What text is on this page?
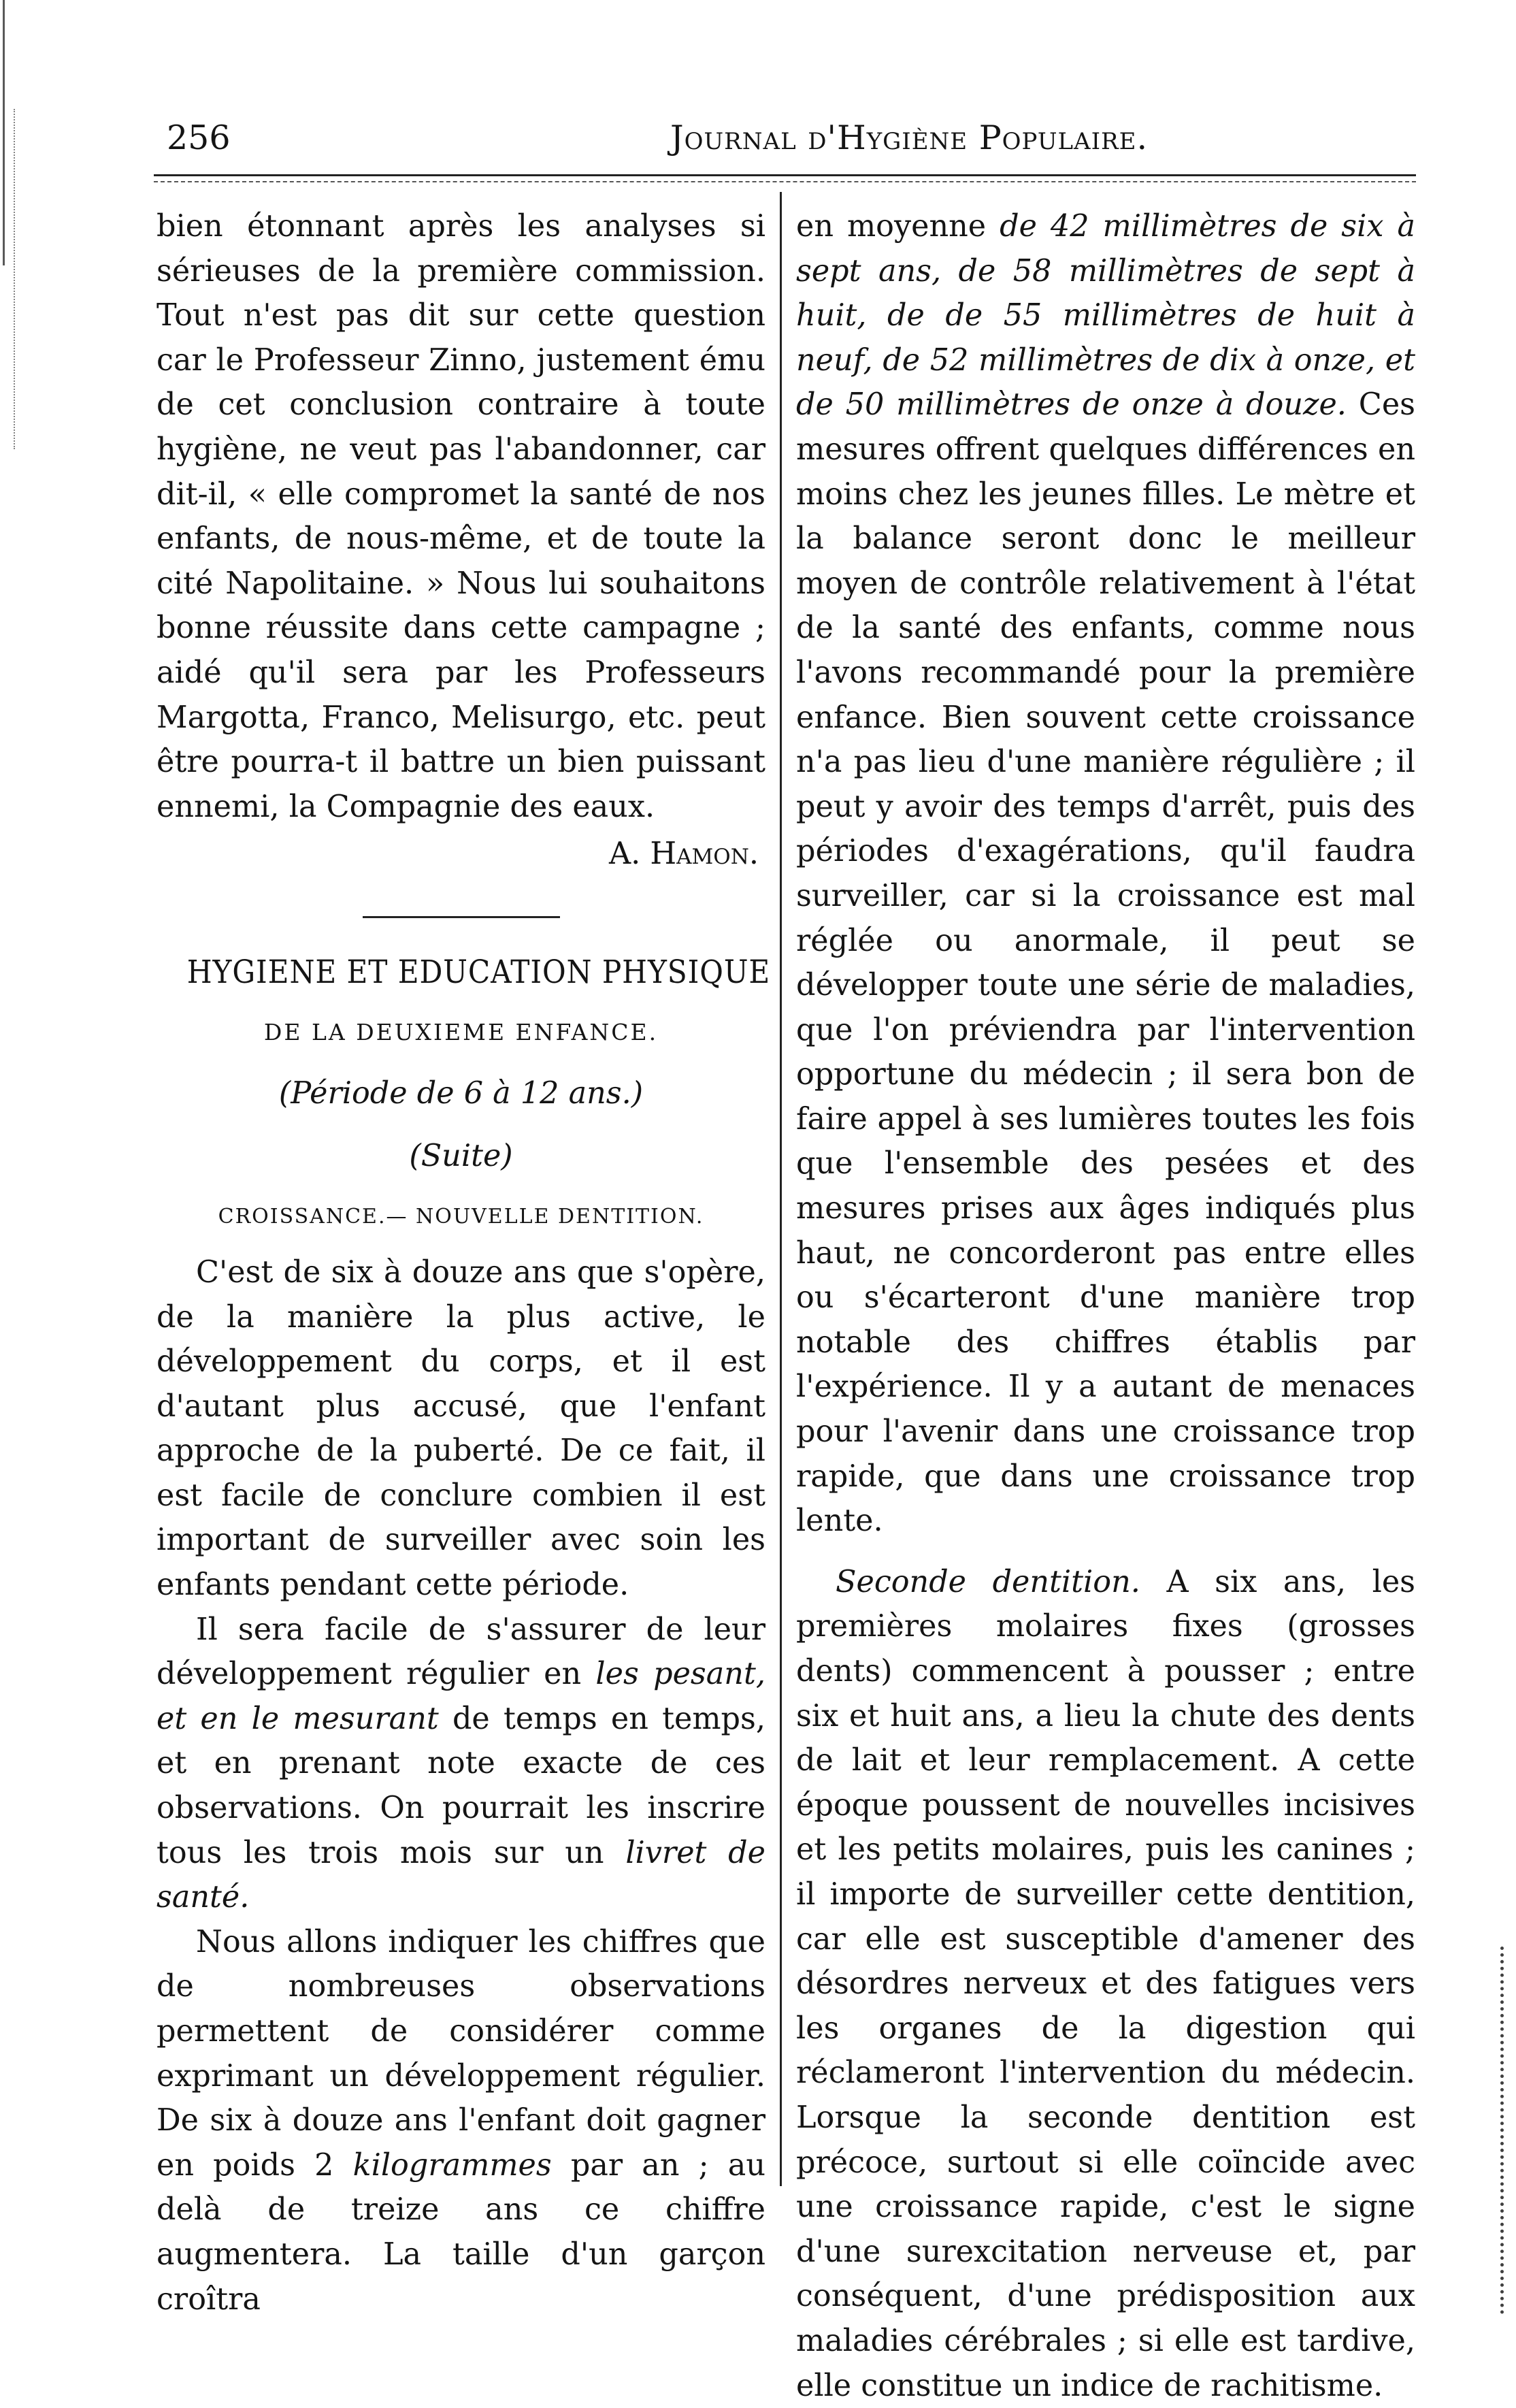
256	Journal d'Hygiène Populaire.

bien étonnant après les analyses si sérieuses de la première commission. Tout n'est pas dit sur cette question car le Professeur Zinno, justement ému de cet conclusion contraire à toute hygiène, ne veut pas l'abandonner, car dit-il, « elle compromet la santé de nos enfants, de nous-même, et de toute la cité Napolitaine. » Nous lui souhaitons bonne réussite dans cette campagne ; aidé qu'il sera par les Professeurs Margotta, Franco, Melisurgo, etc. peut être pourra-t il battre un bien puissant ennemi, la Compagnie des eaux.

A. Hamon.

HYGIENE ET EDUCATION PHYSIQUE
DE LA DEUXIEME ENFANCE.
(Période de 6 à 12 ans.)
(Suite)
CROISSANCE.— NOUVELLE DENTITION.

C'est de six à douze ans que s'opère, de la manière la plus active, le développement du corps, et il est d'autant plus accusé, que l'enfant approche de la puberté. De ce fait, il est facile de conclure combien il est important de surveiller avec soin les enfants pendant cette période.

Il sera facile de s'assurer de leur développement régulier en les pesant, et en le mesurant de temps en temps, et en prenant note exacte de ces observations. On pourrait les inscrire tous les trois mois sur un livret de santé.

Nous allons indiquer les chiffres que de nombreuses observations permettent de considérer comme exprimant un développement régulier. De six à douze ans l'enfant doit gagner en poids 2 kilogrammes par an ; au delà de treize ans ce chiffre augmentera. La taille d'un garçon croîtra

en moyenne de 42 millimètres de six à sept ans, de 58 millimètres de sept à huit, de de 55 millimètres de huit à neuf, de 52 millimètres de dix à onze, et de 50 millimètres de onze à douze. Ces mesures offrent quelques différences en moins chez les jeunes filles. Le mètre et la balance seront donc le meilleur moyen de contrôle relativement à l'état de la santé des enfants, comme nous l'avons recommandé pour la première enfance. Bien souvent cette croissance n'a pas lieu d'une manière régulière ; il peut y avoir des temps d'arrêt, puis des périodes d'exagérations, qu'il faudra surveiller, car si la croissance est mal réglée ou anormale, il peut se développer toute une série de maladies, que l'on préviendra par l'intervention opportune du médecin ; il sera bon de faire appel à ses lumières toutes les fois que l'ensemble des pesées et des mesures prises aux âges indiqués plus haut, ne concorderont pas entre elles ou s'écarteront d'une manière trop notable des chiffres établis par l'expérience. Il y a autant de menaces pour l'avenir dans une croissance trop rapide, que dans une croissance trop lente.

Seconde dentition. A six ans, les premières molaires fixes (grosses dents) commencent à pousser ; entre six et huit ans, a lieu la chute des dents de lait et leur remplacement. A cette époque poussent de nouvelles incisives et les petits molaires, puis les canines ; il importe de surveiller cette dentition, car elle est susceptible d'amener des désordres nerveux et des fatigues vers les organes de la digestion qui réclameront l'intervention du médecin. Lorsque la seconde dentition est précoce, surtout si elle coïncide avec une croissance rapide, c'est le signe d'une surexcitation nerveuse et, par conséquent, d'une prédisposition aux maladies cérébrales ; si elle est tardive, elle constitue un indice de rachitisme.
